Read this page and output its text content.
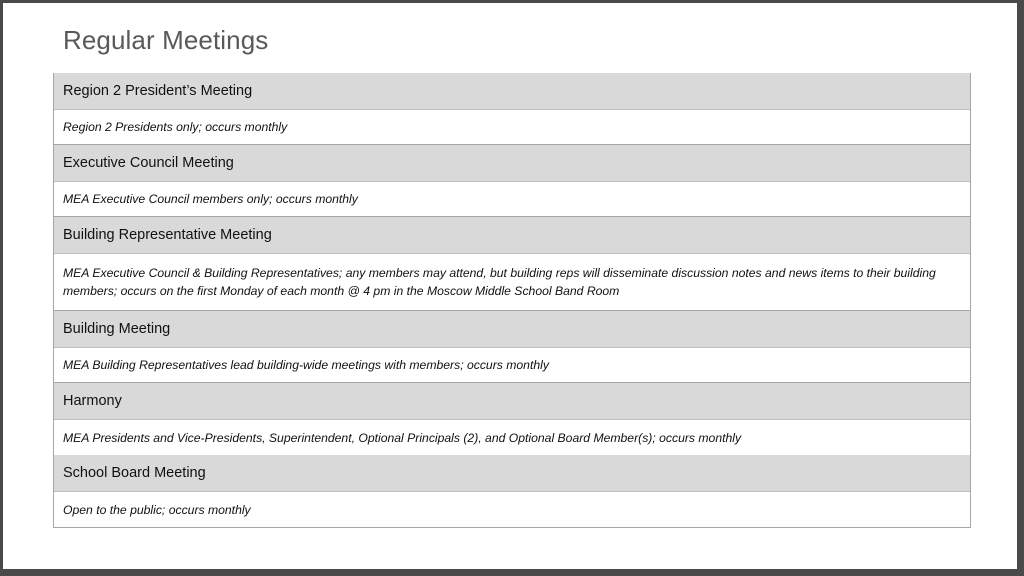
Regular Meetings
Region 2 President’s Meeting
Region 2 Presidents only; occurs monthly
Executive Council Meeting
MEA Executive Council members only; occurs monthly
Building Representative Meeting
MEA Executive Council & Building Representatives; any members may attend, but building reps will disseminate discussion notes and news items to their building members; occurs on the first Monday of each month @ 4 pm in the Moscow Middle School Band Room
Building Meeting
MEA Building Representatives lead building-wide meetings with members; occurs monthly
Harmony
MEA Presidents and Vice-Presidents, Superintendent, Optional Principals (2), and Optional Board Member(s); occurs monthly
School Board Meeting
Open to the public; occurs monthly
